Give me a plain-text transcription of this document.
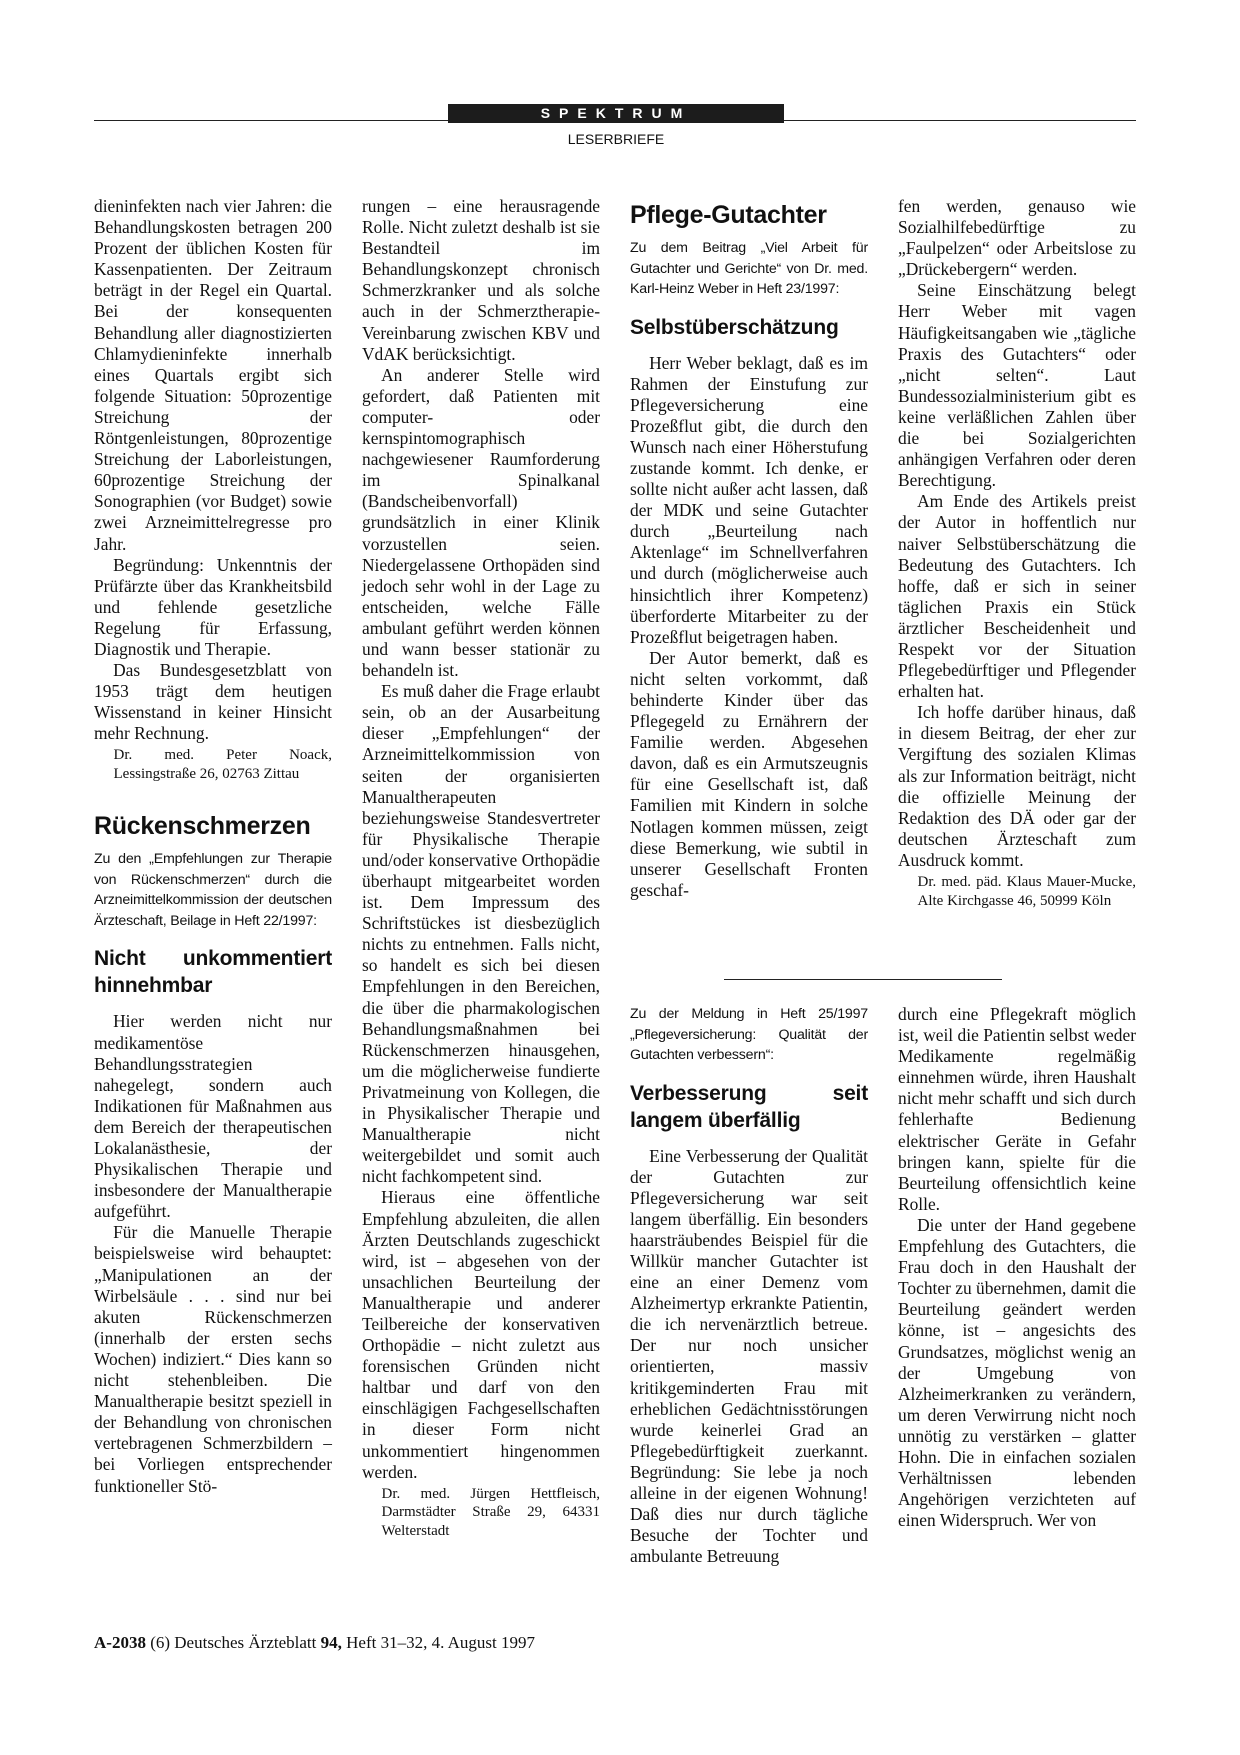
SPEKTRUM
LESERBRIEFE

dieninfekten nach vier Jahren: die Behandlungskosten betragen 200 Prozent der üblichen Kosten für Kassenpatienten. Der Zeitraum beträgt in der Regel ein Quartal. Bei der konsequenten Behandlung aller diagnostizierten Chlamydieninfekte innerhalb eines Quartals ergibt sich folgende Situation: 50prozentige Streichung der Röntgenleistungen, 80prozentige Streichung der Laborleistungen, 60prozentige Streichung der Sonographien (vor Budget) sowie zwei Arzneimittelregresse pro Jahr.

Begründung: Unkenntnis der Prüfärzte über das Krankheitsbild und fehlende gesetzliche Regelung für Erfassung, Diagnostik und Therapie.

Das Bundesgesetzblatt von 1953 trägt dem heutigen Wissenstand in keiner Hinsicht mehr Rechnung.

Dr. med. Peter Noack, Lessingstraße 26, 02763 Zittau

Rückenschmerzen
Zu den „Empfehlungen zur Therapie von Rückenschmerzen“ durch die Arzneimittelkommission der deutschen Ärzteschaft, Beilage in Heft 22/1997:
Nicht unkommentiert hinnehmbar

Hier werden nicht nur medikamentöse Behandlungsstrategien nahegelegt, sondern auch Indikationen für Maßnahmen aus dem Bereich der therapeutischen Lokalanästhesie, der Physikalischen Therapie und insbesondere der Manualtherapie aufgeführt.

Für die Manuelle Therapie beispielsweise wird behauptet: „Manipulationen an der Wirbelsäule . . . sind nur bei akuten Rückenschmerzen (innerhalb der ersten sechs Wochen) indiziert.“ Dies kann so nicht stehenbleiben. Die Manualtherapie besitzt speziell in der Behandlung von chronischen vertebragenen Schmerzbildern – bei Vorliegen entsprechender funktioneller Stö-

rungen – eine herausragende Rolle. Nicht zuletzt deshalb ist sie Bestandteil im Behandlungskonzept chronisch Schmerzkranker und als solche auch in der Schmerztherapie-Vereinbarung zwischen KBV und VdAK berücksichtigt.

An anderer Stelle wird gefordert, daß Patienten mit computer- oder kernspintomographisch nachgewiesener Raumforderung im Spinalkanal (Bandscheibenvorfall) grundsätzlich in einer Klinik vorzustellen seien. Niedergelassene Orthopäden sind jedoch sehr wohl in der Lage zu entscheiden, welche Fälle ambulant geführt werden können und wann besser stationär zu behandeln ist.

Es muß daher die Frage erlaubt sein, ob an der Ausarbeitung dieser „Empfehlungen“ der Arzneimittelkommission von seiten der organisierten Manualtherapeuten beziehungsweise Standesvertreter für Physikalische Therapie und/oder konservative Orthopädie überhaupt mitgearbeitet worden ist. Dem Impressum des Schriftstückes ist diesbezüglich nichts zu entnehmen. Falls nicht, so handelt es sich bei diesen Empfehlungen in den Bereichen, die über die pharmakologischen Behandlungsmaßnahmen bei Rückenschmerzen hinausgehen, um die möglicherweise fundierte Privatmeinung von Kollegen, die in Physikalischer Therapie und Manualtherapie nicht weitergebildet und somit auch nicht fachkompetent sind.

Hieraus eine öffentliche Empfehlung abzuleiten, die allen Ärzten Deutschlands zugeschickt wird, ist – abgesehen von der unsachlichen Beurteilung der Manualtherapie und anderer Teilbereiche der konservativen Orthopädie – nicht zuletzt aus forensischen Gründen nicht haltbar und darf von den einschlägigen Fachgesellschaften in dieser Form nicht unkommentiert hingenommen werden.

Dr. med. Jürgen Hettfleisch, Darmstädter Straße 29, 64331 Welterstadt

Pflege-Gutachter
Zu dem Beitrag „Viel Arbeit für Gutachter und Gerichte“ von Dr. med. Karl-Heinz Weber in Heft 23/1997:
Selbstüberschätzung

Herr Weber beklagt, daß es im Rahmen der Einstufung zur Pflegeversicherung eine Prozeßflut gibt, die durch den Wunsch nach einer Höherstufung zustande kommt. Ich denke, er sollte nicht außer acht lassen, daß der MDK und seine Gutachter durch „Beurteilung nach Aktenlage“ im Schnellverfahren und durch (möglicherweise auch hinsichtlich ihrer Kompetenz) überforderte Mitarbeiter zu der Prozeßflut beigetragen haben.

Der Autor bemerkt, daß es nicht selten vorkommt, daß behinderte Kinder über das Pflegegeld zu Ernährern der Familie werden. Abgesehen davon, daß es ein Armutszeugnis für eine Gesellschaft ist, daß Familien mit Kindern in solche Notlagen kommen müssen, zeigt diese Bemerkung, wie subtil in unserer Gesellschaft Fronten geschaf-

Zu der Meldung in Heft 25/1997 „Pflegeversicherung: Qualität der Gutachten verbessern“:
Verbesserung seit langem überfällig

Eine Verbesserung der Qualität der Gutachten zur Pflegeversicherung war seit langem überfällig. Ein besonders haarsträubendes Beispiel für die Willkür mancher Gutachter ist eine an einer Demenz vom Alzheimertyp erkrankte Patientin, die ich nervenärztlich betreue. Der nur noch unsicher orientierten, massiv kritikgeminderten Frau mit erheblichen Gedächtnisstörungen wurde keinerlei Grad an Pflegebedürftigkeit zuerkannt. Begründung: Sie lebe ja noch alleine in der eigenen Wohnung! Daß dies nur durch tägliche Besuche der Tochter und ambulante Betreuung

fen werden, genauso wie Sozialhilfebedürftige zu „Faulpelzen“ oder Arbeitslose zu „Drückebergern“ werden.

Seine Einschätzung belegt Herr Weber mit vagen Häufigkeitsangaben wie „tägliche Praxis des Gutachters“ oder „nicht selten“. Laut Bundessozialministerium gibt es keine verläßlichen Zahlen über die bei Sozialgerichten anhängigen Verfahren oder deren Berechtigung.

Am Ende des Artikels preist der Autor in hoffentlich nur naiver Selbstüberschätzung die Bedeutung des Gutachters. Ich hoffe, daß er sich in seiner täglichen Praxis ein Stück ärztlicher Bescheidenheit und Respekt vor der Situation Pflegebedürftiger und Pflegender erhalten hat.

Ich hoffe darüber hinaus, daß in diesem Beitrag, der eher zur Vergiftung des sozialen Klimas als zur Information beiträgt, nicht die offizielle Meinung der Redaktion des DÄ oder gar der deutschen Ärzteschaft zum Ausdruck kommt.

Dr. med. päd. Klaus Mauer-Mucke, Alte Kirchgasse 46, 50999 Köln

durch eine Pflegekraft möglich ist, weil die Patientin selbst weder Medikamente regelmäßig einnehmen würde, ihren Haushalt nicht mehr schafft und sich durch fehlerhafte Bedienung elektrischer Geräte in Gefahr bringen kann, spielte für die Beurteilung offensichtlich keine Rolle.

Die unter der Hand gegebene Empfehlung des Gutachters, die Frau doch in den Haushalt der Tochter zu übernehmen, damit die Beurteilung geändert werden könne, ist – angesichts des Grundsatzes, möglichst wenig an der Umgebung von Alzheimerkranken zu verändern, um deren Verwirrung nicht noch unnötig zu verstärken – glatter Hohn. Die in einfachen sozialen Verhältnissen lebenden Angehörigen verzichteten auf einen Widerspruch. Wer von

A-2038 (6) Deutsches Ärzteblatt 94, Heft 31–32, 4. August 1997
